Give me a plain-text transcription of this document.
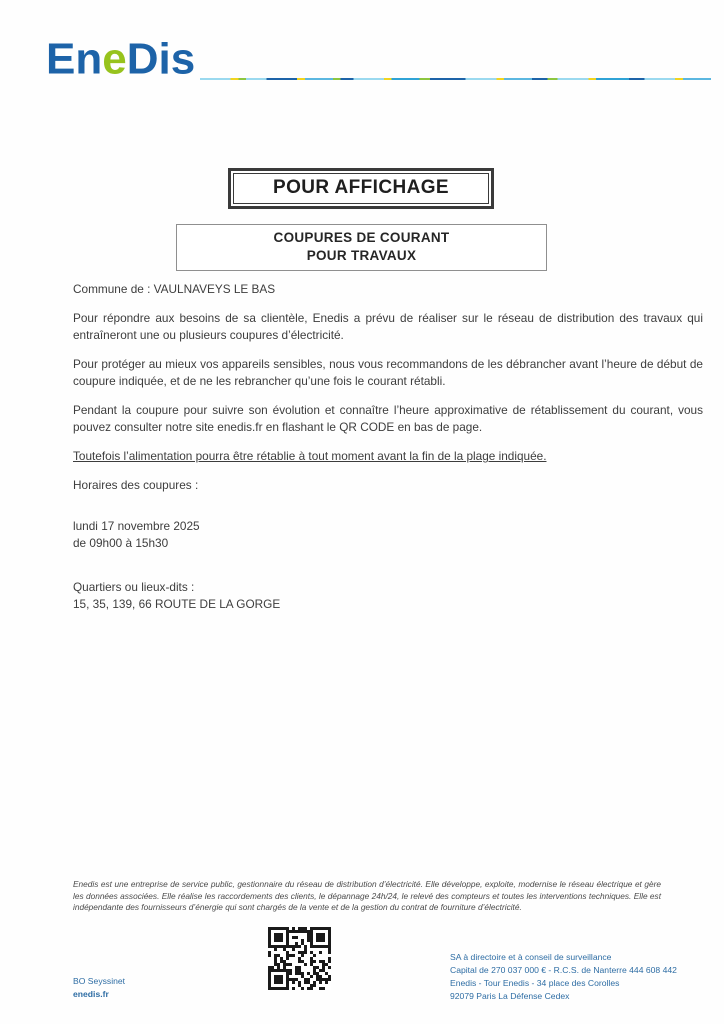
EneDis
POUR AFFICHAGE
COUPURES DE COURANT
POUR TRAVAUX

Commune de : VAULNAVEYS LE BAS

Pour répondre aux besoins de sa clientèle, Enedis a prévu de réaliser sur le réseau de distribution des travaux qui entraîneront une ou plusieurs coupures d’électricité.

Pour protéger au mieux vos appareils sensibles, nous vous recommandons de les débrancher avant l’heure de début de coupure indiquée, et de ne les rebrancher qu’une fois le courant rétabli.

Pendant la coupure pour suivre son évolution et connaître l’heure approximative de rétablissement du courant, vous pouvez consulter notre site enedis.fr en flashant le QR CODE en bas de page.

Toutefois l’alimentation pourra être rétablie à tout moment avant la fin de la plage indiquée.

Horaires des coupures :

lundi 17 novembre 2025
de 09h00 à 15h30
Quartiers ou lieux-dits :
15, 35, 139, 66 ROUTE DE LA GORGE
Enedis est une entreprise de service public, gestionnaire du réseau de distribution d’électricité. Elle développe, exploite, modernise le réseau électrique et gère les données associées. Elle réalise les raccordements des clients, le dépannage 24h/24, le relevé des compteurs et toutes les interventions techniques. Elle est indépendante des fournisseurs d’énergie qui sont chargés de la vente et de la gestion du contrat de fourniture d’électricité.
BO Seyssinet
enedis.fr
SA à directoire et à conseil de surveillance
Capital de 270 037 000 € - R.C.S. de Nanterre 444 608 442
Enedis - Tour Enedis - 34 place des Corolles
92079 Paris La Défense Cedex
